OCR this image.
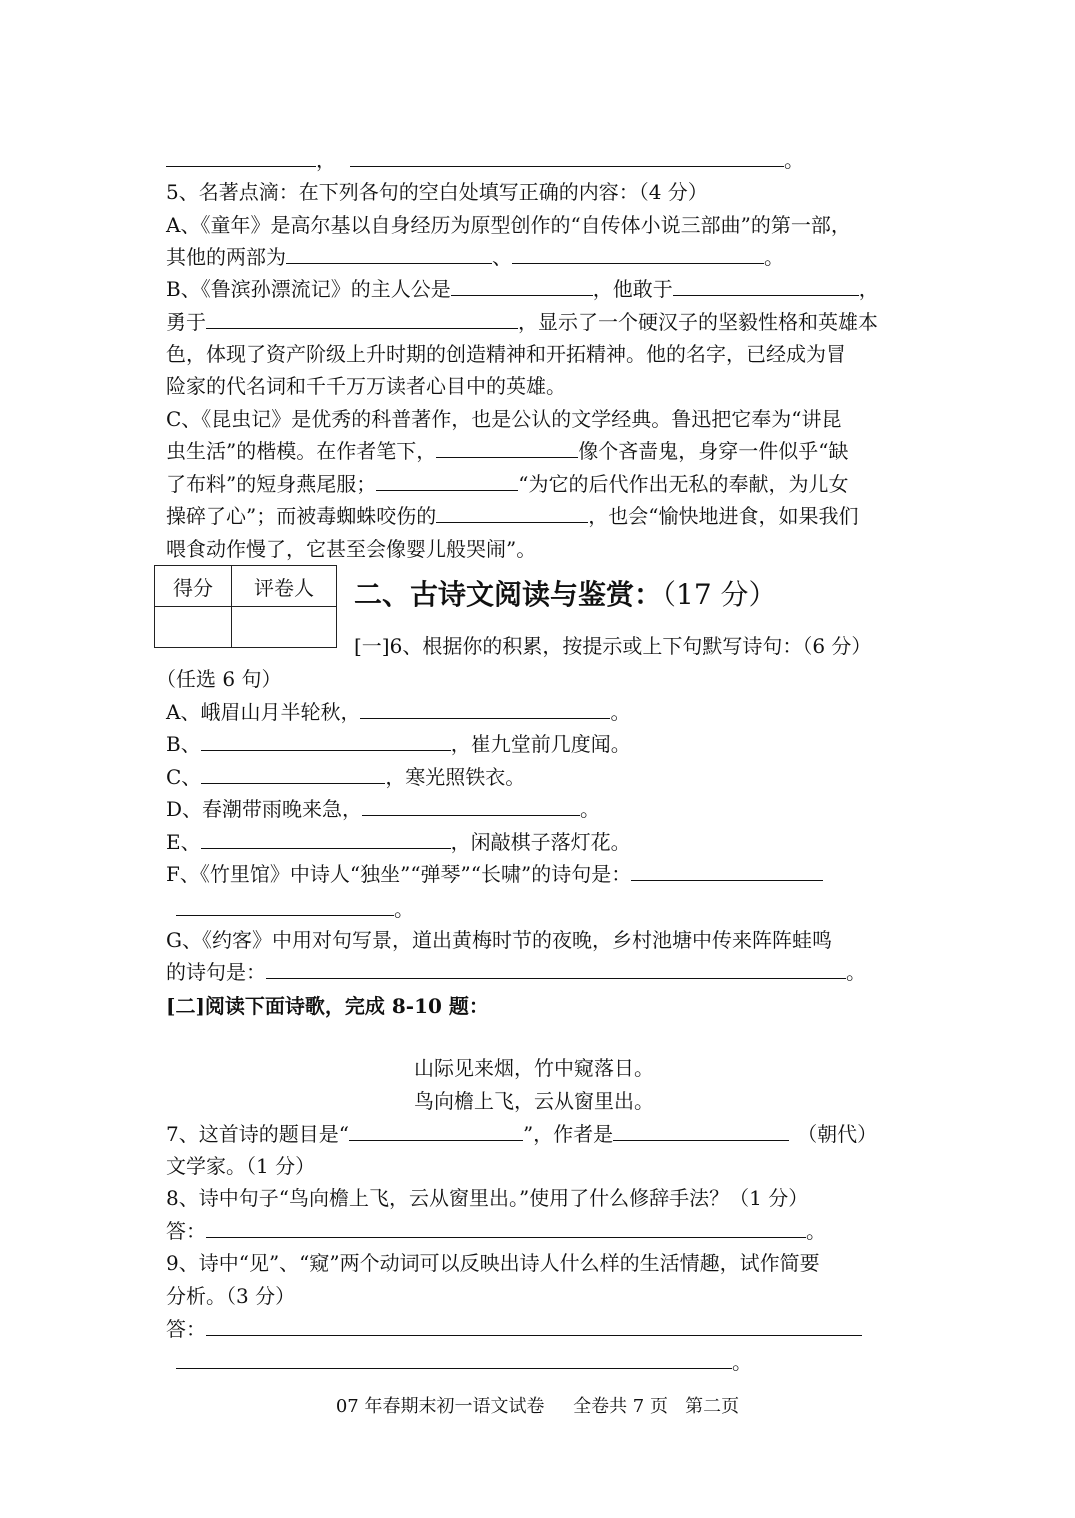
，	。
5、名著点滴：在下列各句的空白处填写正确的内容：（4 分）
A、《童年》是高尔基以自身经历为原型创作的“自传体小说三部曲”的第一部，
其他的两部为	、	。
B、《鲁滨孙漂流记》的主人公是	，他敢于	，
勇于	，显示了一个硬汉子的坚毅性格和英雄本
色，体现了资产阶级上升时期的创造精神和开拓精神。他的名字，已经成为冒
险家的代名词和千千万万读者心目中的英雄。
C、《昆虫记》是优秀的科普著作，也是公认的文学经典。鲁迅把它奉为“讲昆
虫生活”的楷模。在作者笔下，	像个吝啬鬼，身穿一件似乎“缺
了布料”的短身燕尾服；	“为它的后代作出无私的奉献，为儿女
操碎了心”；而被毒蜘蛛咬伤的	，也会“愉快地进食，如果我们
喂食动作慢了，它甚至会像婴儿般哭闹”。
得分	评卷人
	二、古诗文阅读与鉴赏：（17 分）
[一]6、根据你的积累，按提示或上下句默写诗句：（6 分）
（任选 6 句）
A、峨眉山月半轮秋，	。
B、	，崔九堂前几度闻。
C、	，寒光照铁衣。
D、春潮带雨晚来急，	。
E、	，闲敲棋子落灯花。
F、《竹里馆》中诗人“独坐”“弹琴”“长啸”的诗句是：
。
G、《约客》中用对句写景，道出黄梅时节的夜晚，乡村池塘中传来阵阵蛙鸣
的诗句是：	。
[二]阅读下面诗歌，完成 8-10 题：
山际见来烟，竹中窥落日。
鸟向檐上飞，云从窗里出。
7、这首诗的题目是“	”，作者是	（朝代）
文学家。（1 分）
8、诗中句子“鸟向檐上飞，云从窗里出。”使用了什么修辞手法？（1 分）
答：	。
9、诗中“见”、“窥”两个动词可以反映出诗人什么样的生活情趣，试作简要
分析。（3 分）
答：
。
07 年春期末初一语文试卷     全卷共 7 页   第二页
